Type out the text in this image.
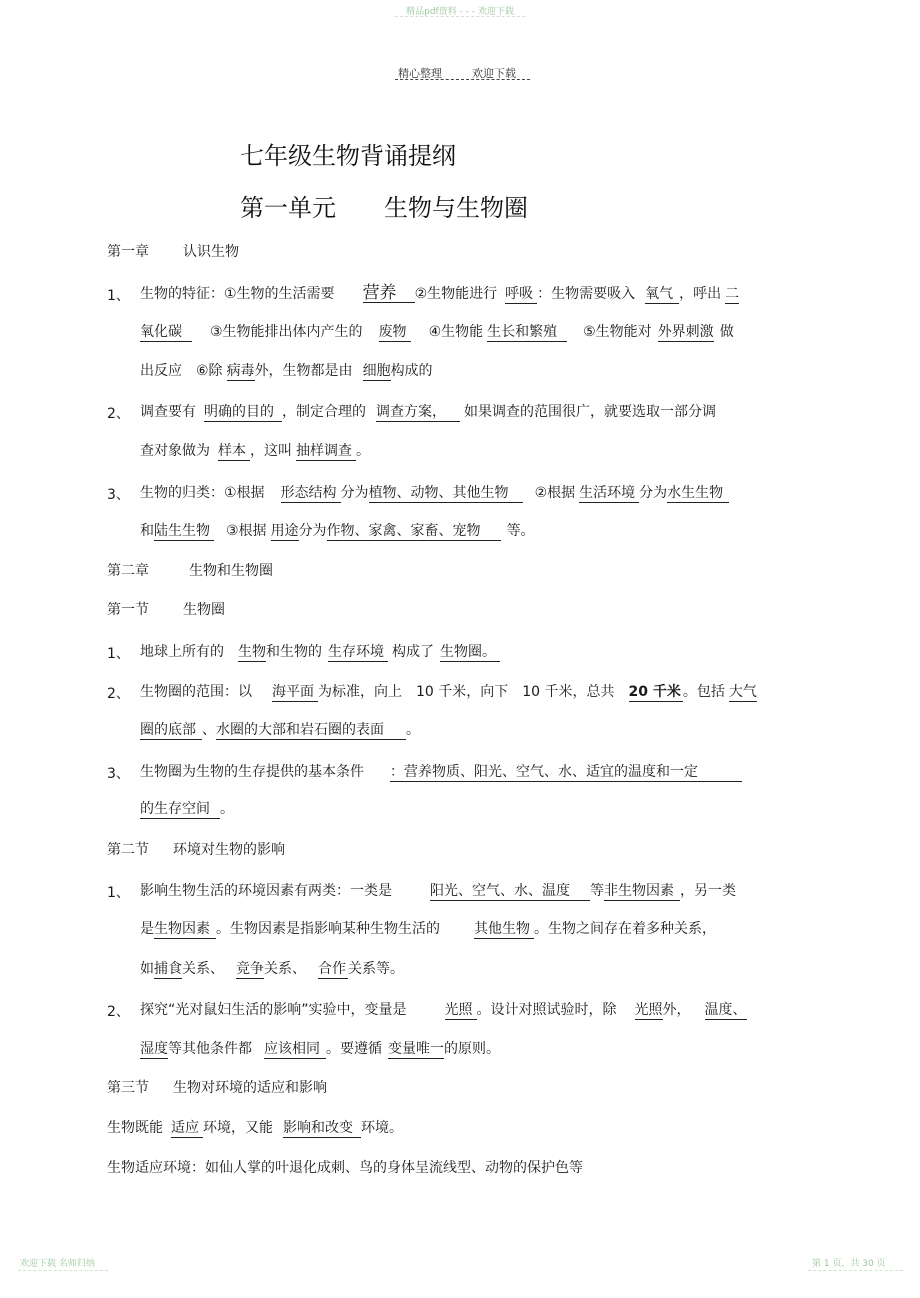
精品pdf资料 - - - 欢迎下载
精心整理	欢迎下载
七年级生物背诵提纲
第一单元 生物与生物圈
第一章 认识生物
1、 生物的特征：①生物的生活需要 营养 ②生物能进行 呼吸 ：生物需要吸入 氧气 ，呼出 二
氧化碳 ③生物能排出体内产生的 废物 ④生物能 生长和繁殖 ⑤生物能对 外界刺激 做
出反应 ⑥除 病毒外，生物都是由 细胞构成的
2、 调查要有 明确的目的 ，制定合理的 调查方案， 如果调查的范围很广，就要选取一部分调
查对象做为 样本 ，这叫 抽样调查 。
3、 生物的归类：①根据 形态结构 分为植物、动物、其他生物 ②根据 生活环境 分为水生生物
和陆生生物 ③根据 用途分为作物、家禽、家畜、宠物 等。
第二章	生物和生物圈
第一节 生物圈
1、 地球上所有的 生物和生物的 生存环境 构成了 生物圈。
2、 生物圈的范围：以 海平面 为标准，向上 10 千米，向下 10 千米，总共 20 千米 。包括 大气
圈的底部 、水圈的大部和岩石圈的表面 。
3、 生物圈为生物的生存提供的基本条件 ：营养物质、阳光、空气、水、适宜的温度和一定
的生存空间 。
第二节 环境对生物的影响
1、 影响生物生活的环境因素有两类：一类是	阳光、空气、水、温度 等非生物因素 ，另一类
是生物因素 。生物因素是指影响某种生物生活的 其他生物 。生物之间存在着多种关系，
如捕食关系、 竞争关系、 合作 关系等。
2、 探究“光对鼠妇生活的影响”实验中，变量是	光照 。设计对照试验时，除 光照外， 温度、
湿度等其他条件都 应该相同 。要遵循 变量唯一的原则。
第三节 生物对环境的适应和影响
生物既能 适应 环境，又能 影响和改变 环境。
生物适应环境：如仙人掌的叶退化成刺、鸟的身体呈流线型、动物的保护色等
欢迎下载 名师归纳	第 1 页，共 30 页
